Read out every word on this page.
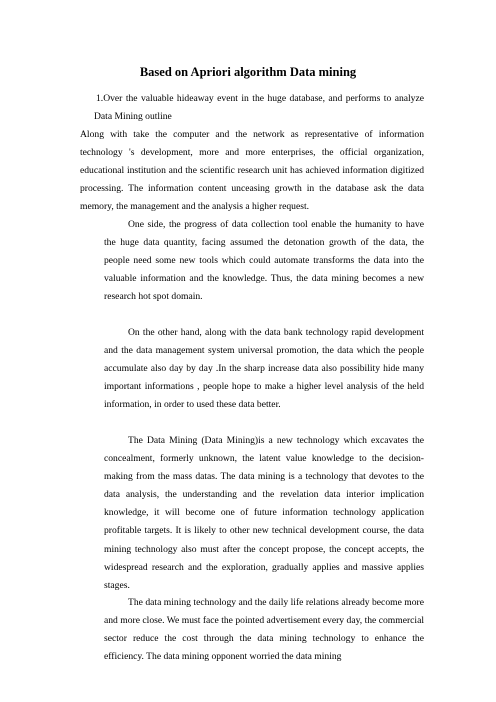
Based on Apriori algorithm Data mining
1.Over the valuable hideaway event in the huge database, and performs to analyze Data Mining outline

Along with take the computer and the network as representative of information technology 's development, more and more enterprises, the official organization, educational institution and the scientific research unit has achieved information digitized processing. The information content unceasing growth in the database ask the data memory, the management and the analysis a higher request.

One side, the progress of data collection tool enable the humanity to have the huge data quantity, facing assumed the detonation growth of the data, the people need some new tools which could automate transforms the data into the valuable information and the knowledge. Thus, the data mining becomes a new research hot spot domain.

On the other hand, along with the data bank technology rapid development and the data management system universal promotion, the data which the people accumulate also day by day .In the sharp increase data also possibility hide many important informations , people hope to make a higher level analysis of the held information, in order to used these data better.

The Data Mining (Data Mining)is a new technology which excavates the concealment, formerly unknown, the latent value knowledge to the decision-making from the mass datas. The data mining is a technology that devotes to the data analysis, the understanding and the revelation data interior implication knowledge, it will become one of future information technology application profitable targets. It is likely to other new technical development course, the data mining technology also must after the concept propose, the concept accepts, the widespread research and the exploration, gradually applies and massive applies stages.

The data mining technology and the daily life relations already become more and more close. We must face the pointed advertisement every day, the commercial sector reduce the cost through the data mining technology to enhance the efficiency. The data mining opponent worried the data mining
